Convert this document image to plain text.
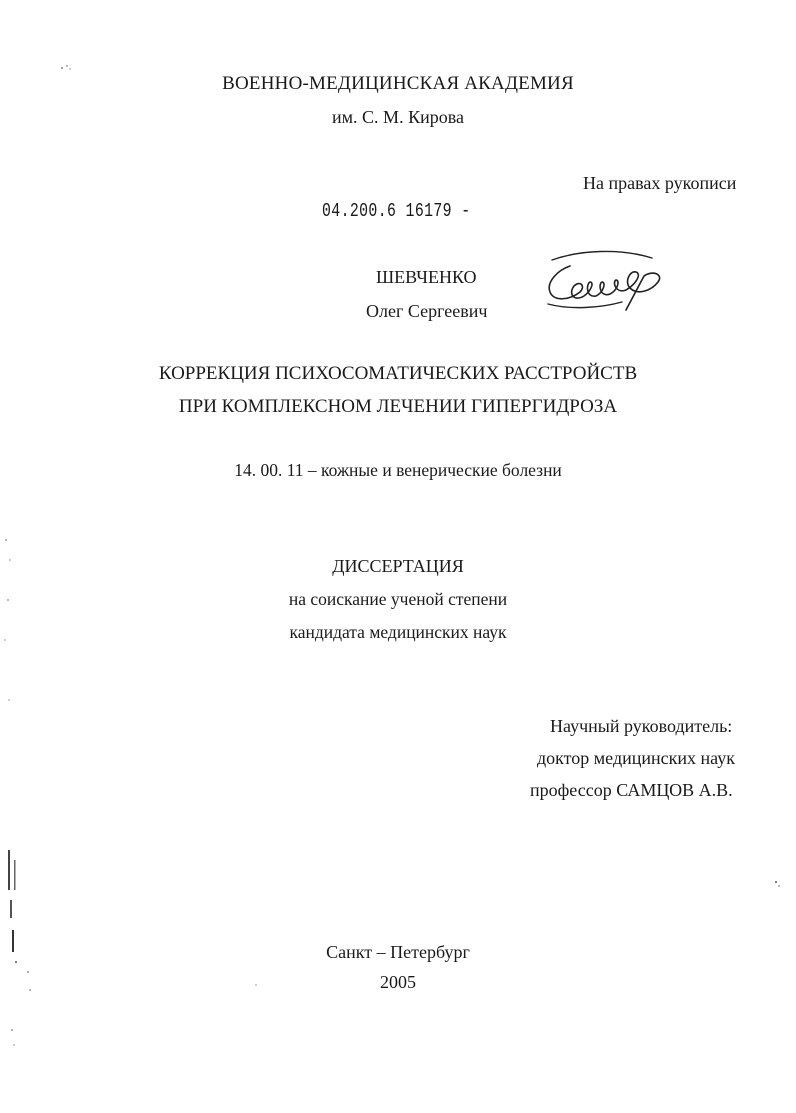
ВОЕННО-МЕДИЦИНСКАЯ АКАДЕМИЯ
им. С. М. Кирова
На правах рукописи
04.200.6 16179 -
ШЕВЧЕНКО
Олег Сергеевич
КОРРЕКЦИЯ ПСИХОСОМАТИЧЕСКИХ РАССТРОЙСТВ
ПРИ КОМПЛЕКСНОМ ЛЕЧЕНИИ ГИПЕРГИДРОЗА
14. 00. 11 – кожные и венерические болезни
ДИССЕРТАЦИЯ
на соискание ученой степени
кандидата медицинских наук
Научный руководитель:
доктор медицинских наук
профессор САМЦОВ А.В.
Санкт – Петербург
2005
